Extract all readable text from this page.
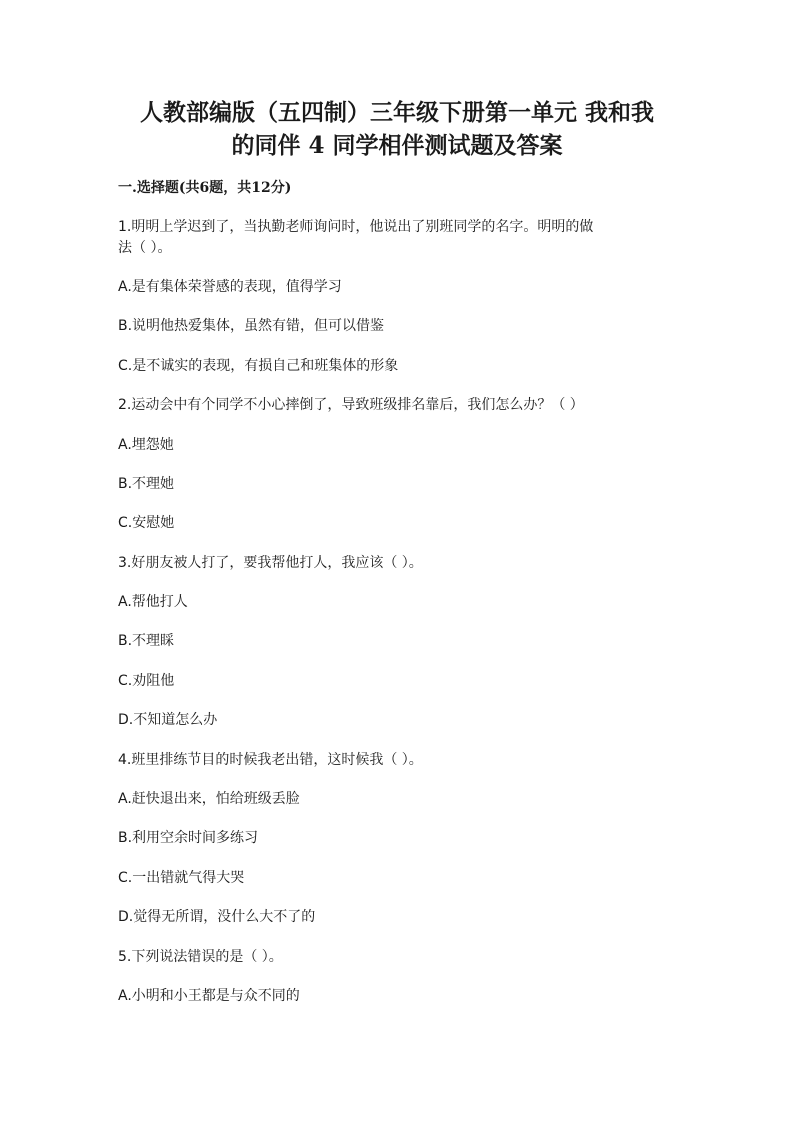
人教部编版（五四制）三年级下册第一单元 我和我
的同伴 4 同学相伴测试题及答案
一.选择题(共6题，共12分)
1.明明上学迟到了，当执勤老师询问时，他说出了别班同学的名字。明明的做
法（ ）。
A.是有集体荣誉感的表现，值得学习
B.说明他热爱集体，虽然有错，但可以借鉴
C.是不诚实的表现，有损自己和班集体的形象
2.运动会中有个同学不小心摔倒了，导致班级排名靠后，我们怎么办？（ ）
A.埋怨她
B.不理她
C.安慰她
3.好朋友被人打了，要我帮他打人，我应该（ ）。
A.帮他打人
B.不理睬
C.劝阻他
D.不知道怎么办
4.班里排练节目的时候我老出错，这时候我（ ）。
A.赶快退出来，怕给班级丢脸
B.利用空余时间多练习
C.一出错就气得大哭
D.觉得无所谓，没什么大不了的
5.下列说法错误的是（ ）。
A.小明和小王都是与众不同的
